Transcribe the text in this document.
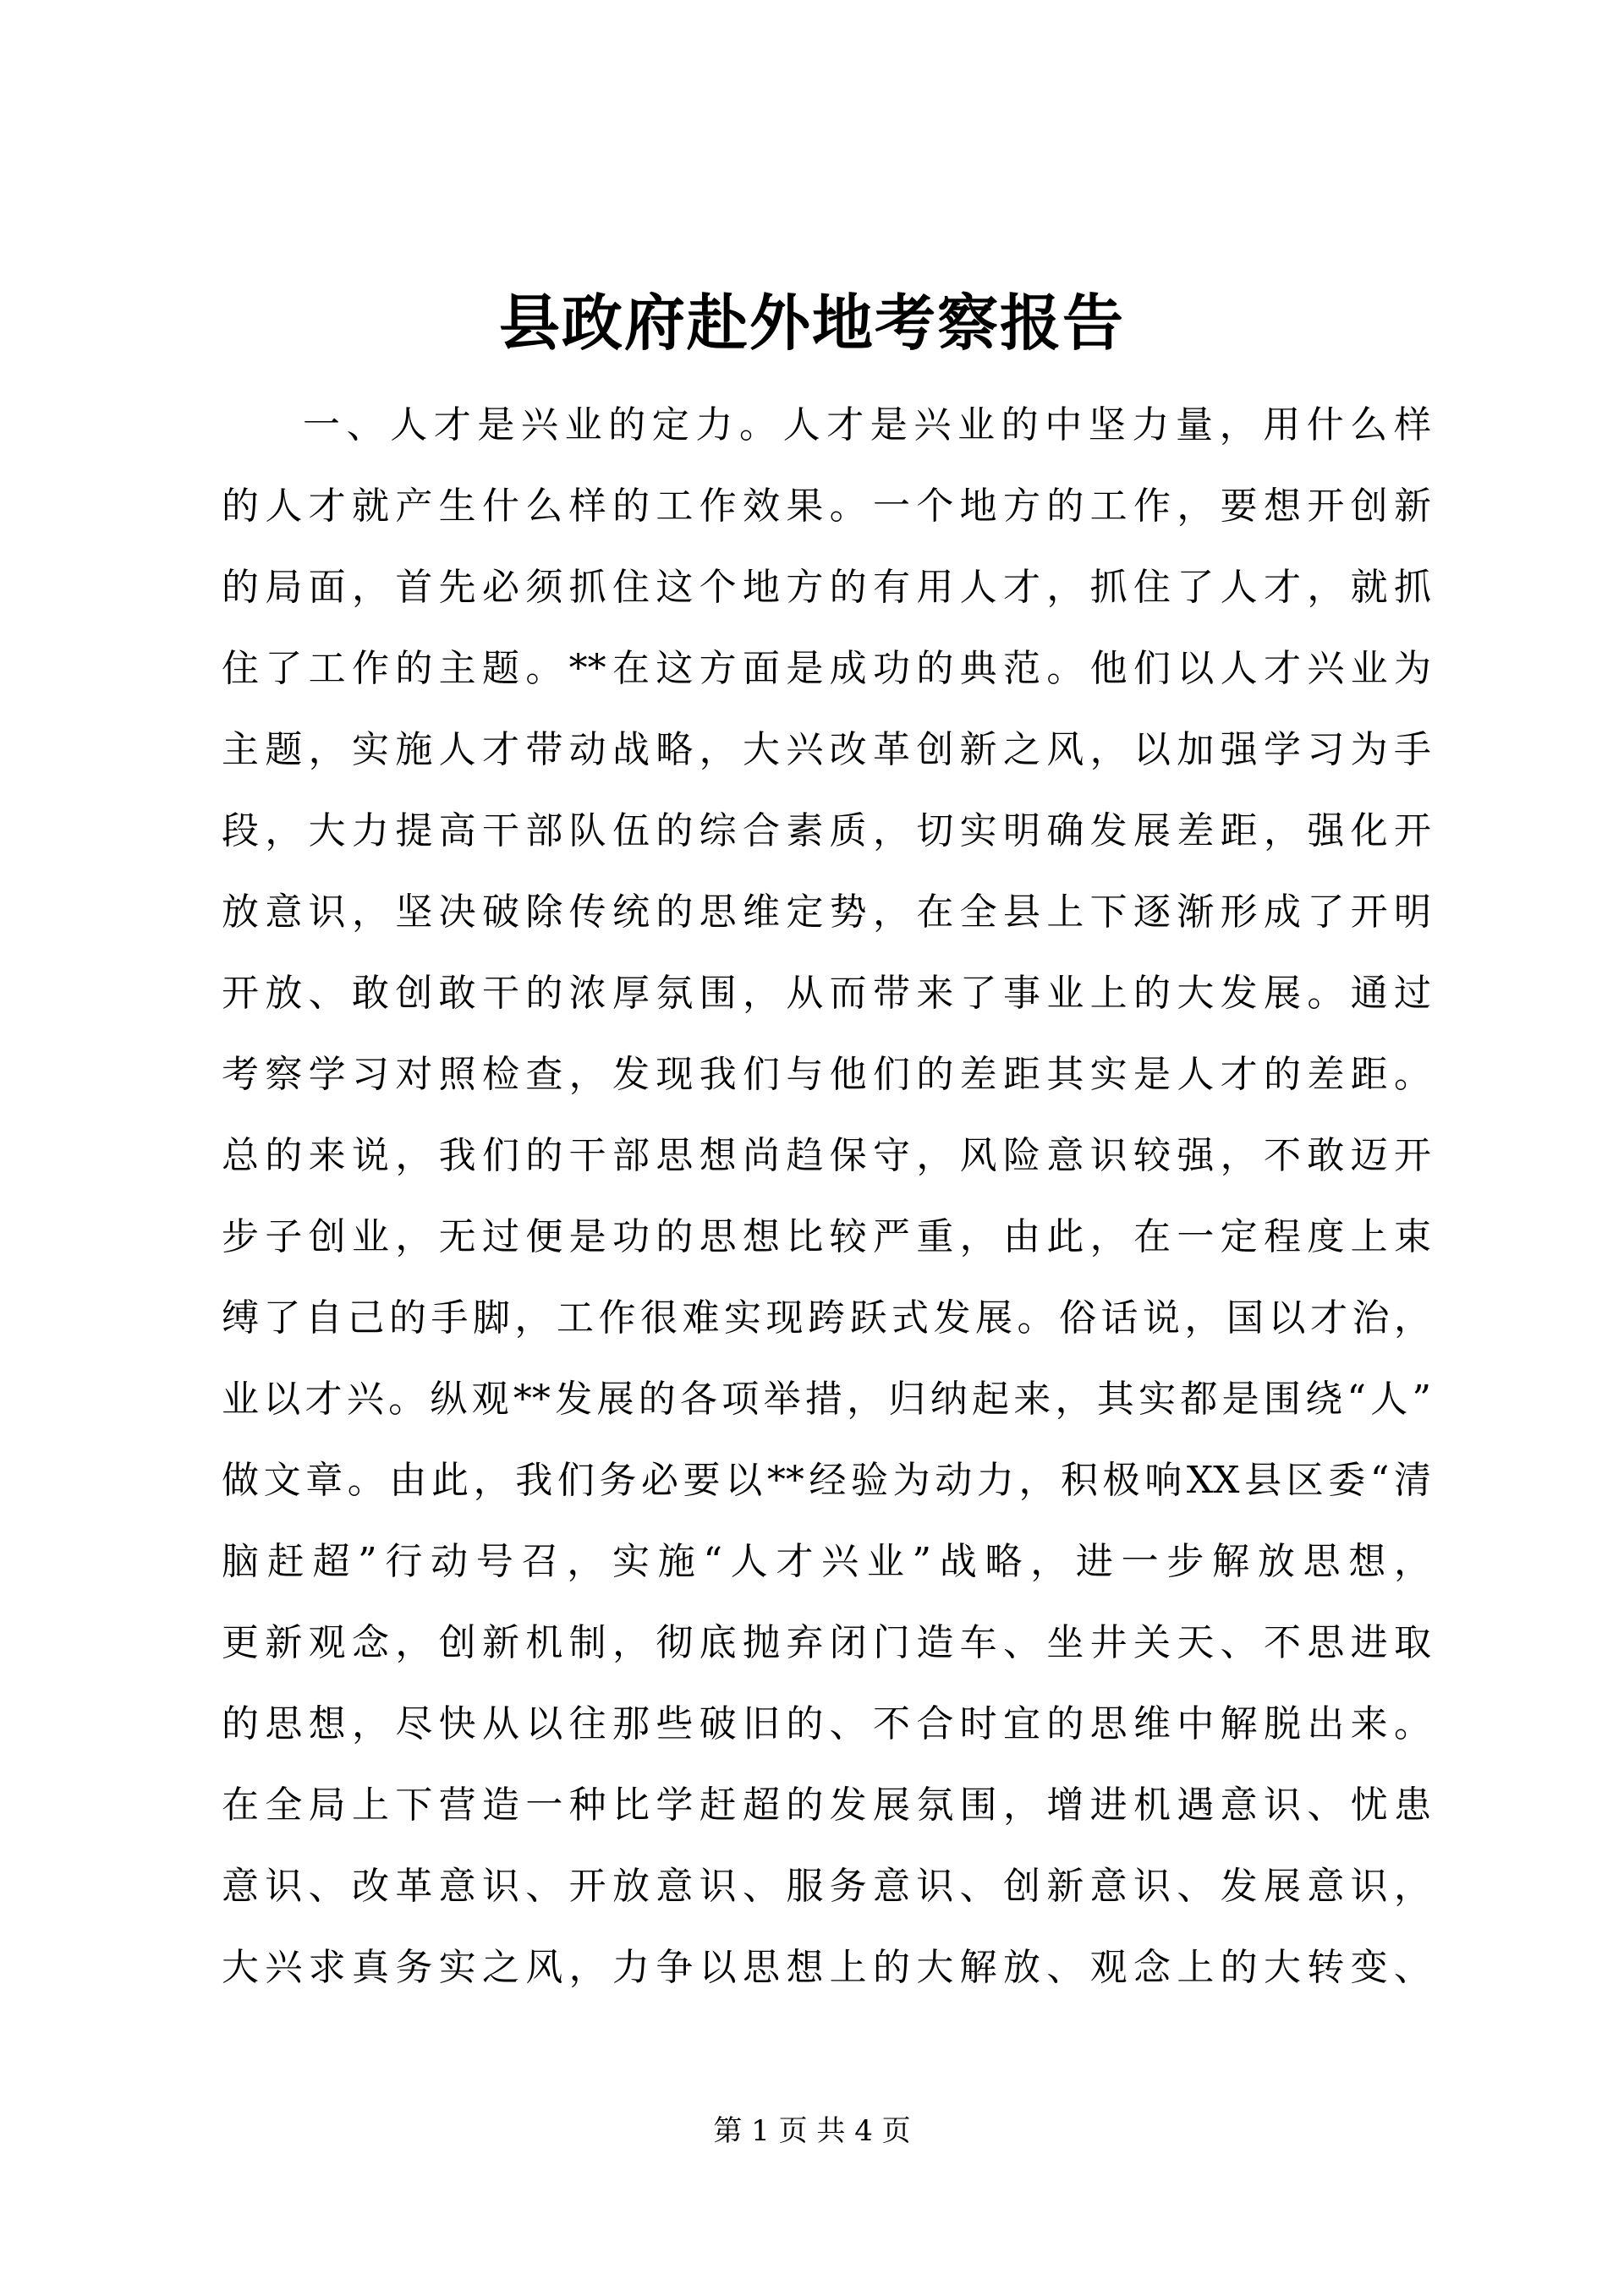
县政府赴外地考察报告
一、人才是兴业的定力。人才是兴业的中坚力量，用什么样
的人才就产生什么样的工作效果。一个地方的工作，要想开创新
的局面，首先必须抓住这个地方的有用人才，抓住了人才，就抓
住了工作的主题。**在这方面是成功的典范。他们以人才兴业为
主题，实施人才带动战略，大兴改革创新之风，以加强学习为手
段，大力提高干部队伍的综合素质，切实明确发展差距，强化开
放意识，坚决破除传统的思维定势，在全县上下逐渐形成了开明
开放、敢创敢干的浓厚氛围，从而带来了事业上的大发展。通过
考察学习对照检查，发现我们与他们的差距其实是人才的差距。
总的来说，我们的干部思想尚趋保守，风险意识较强，不敢迈开
步子创业，无过便是功的思想比较严重，由此，在一定程度上束
缚了自己的手脚，工作很难实现跨跃式发展。俗话说，国以才治，
业以才兴。纵观**发展的各项举措，归纳起来，其实都是围绕“人”
做文章。由此，我们务必要以**经验为动力，积极响XX县区委“清
脑赶超”行动号召，实施“人才兴业”战略，进一步解放思想，
更新观念，创新机制，彻底抛弃闭门造车、坐井关天、不思进取
的思想，尽快从以往那些破旧的、不合时宜的思维中解脱出来。
在全局上下营造一种比学赶超的发展氛围，增进机遇意识、忧患
意识、改革意识、开放意识、服务意识、创新意识、发展意识，
大兴求真务实之风，力争以思想上的大解放、观念上的大转变、
第 1 页 共 4 页
